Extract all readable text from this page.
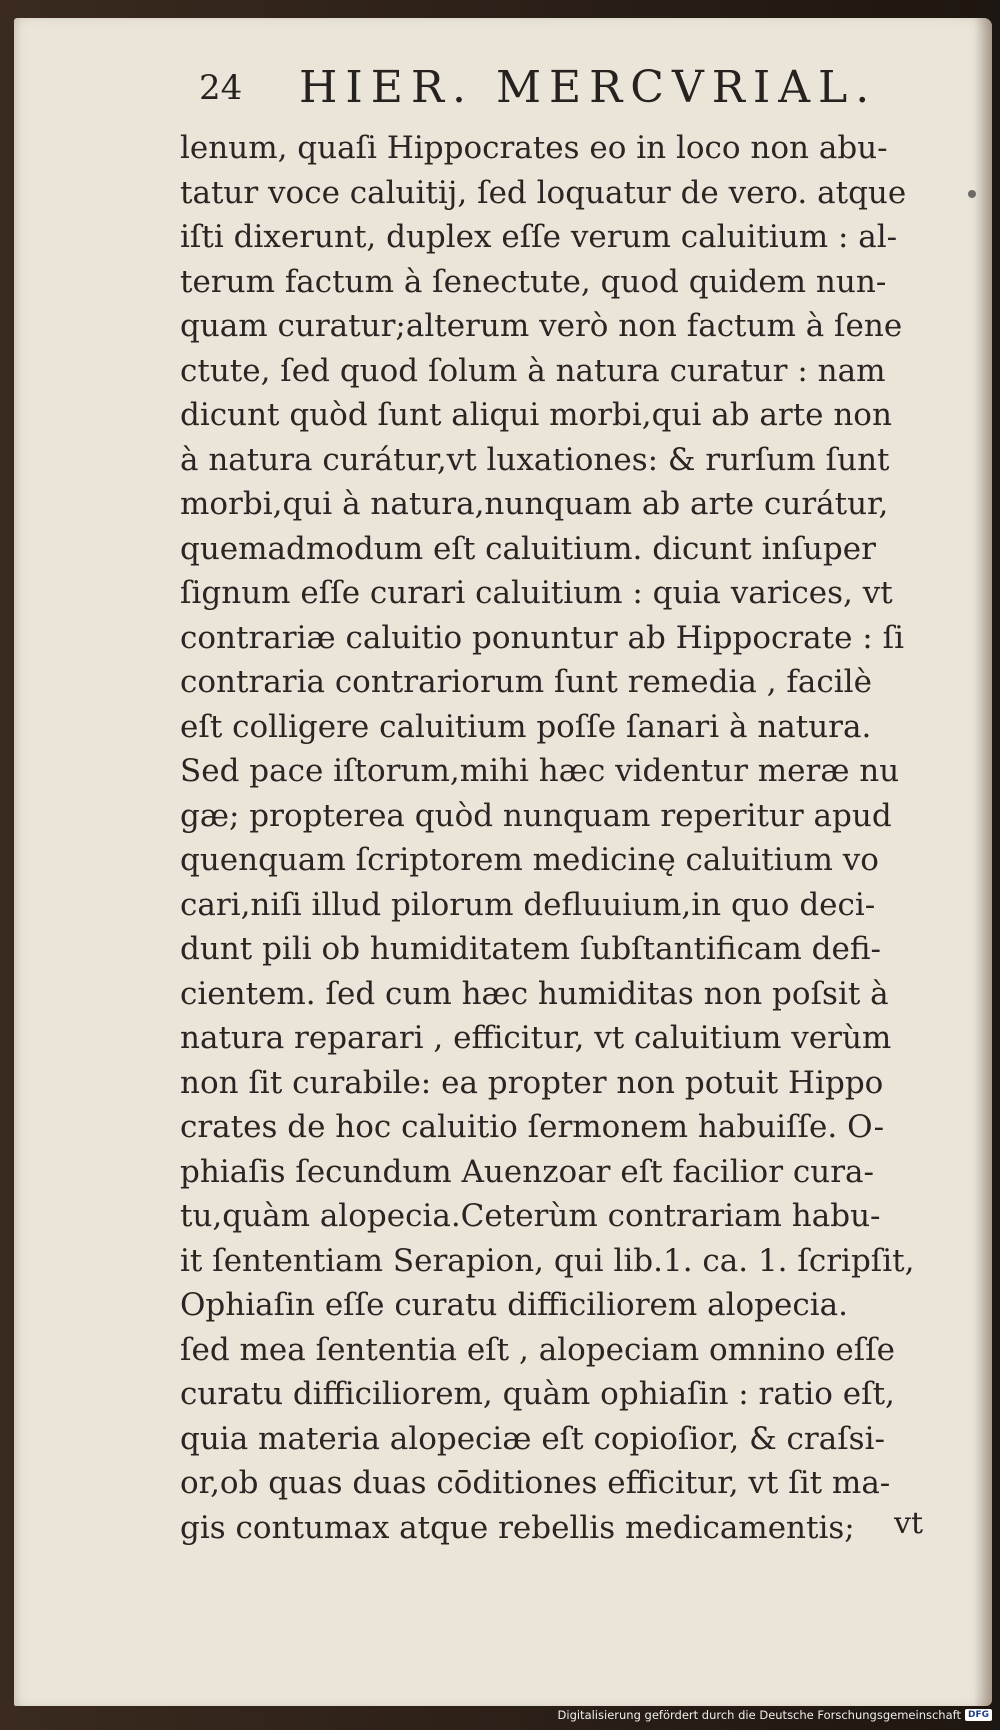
24 HIER. MERCVRIAL.
lenum, quaſi Hippocrates eo in loco non abu-
tatur voce caluitij, ſed loquatur de vero. atque
iſti dixerunt, duplex eſſe verum caluitium : al-
terum factum à ſenectute, quod quidem nun-
quam curatur;alterum verò non factum à ſene
ctute, ſed quod ſolum à natura curatur : nam
dicunt quòd ſunt aliqui morbi,qui ab arte non
à natura curátur,vt luxationes: & rurſum ſunt
morbi,qui à natura,nunquam ab arte curátur,
quemadmodum eſt caluitium. dicunt inſuper
ſignum eſſe curari caluitium : quia varices, vt
contrariæ caluitio ponuntur ab Hippocrate : ſi
contraria contrariorum ſunt remedia , facilè
eſt colligere caluitium poſſe ſanari à natura.
Sed pace iſtorum,mihi hæc videntur meræ nu
gæ; propterea quòd nunquam reperitur apud
quenquam ſcriptorem medicinę caluitium vo
cari,niſi illud pilorum defluuium,in quo deci-
dunt pili ob humiditatem ſubſtantificam defi-
cientem. ſed cum hæc humiditas non poſsit à
natura reparari , efficitur, vt caluitium verùm
non ſit curabile: ea propter non potuit Hippo
crates de hoc caluitio ſermonem habuiſſe. O-
phiaſis ſecundum Auenzoar eſt facilior cura-
tu,quàm alopecia.Ceterùm contrariam habu-
it ſententiam Serapion, qui lib.1. ca. 1. ſcripſit,
Ophiaſin eſſe curatu difficiliorem alopecia.
ſed mea ſententia eſt , alopeciam omnino eſſe
curatu difficiliorem, quàm ophiaſin : ratio eſt,
quia materia alopeciæ eſt copioſior, & craſsi-
or,ob quas duas cōditiones efficitur, vt ſit ma-
gis contumax atque rebellis medicamentis;	vt
Digitalisierung gefördert durch die Deutsche Forschungsgemeinschaft DFG
